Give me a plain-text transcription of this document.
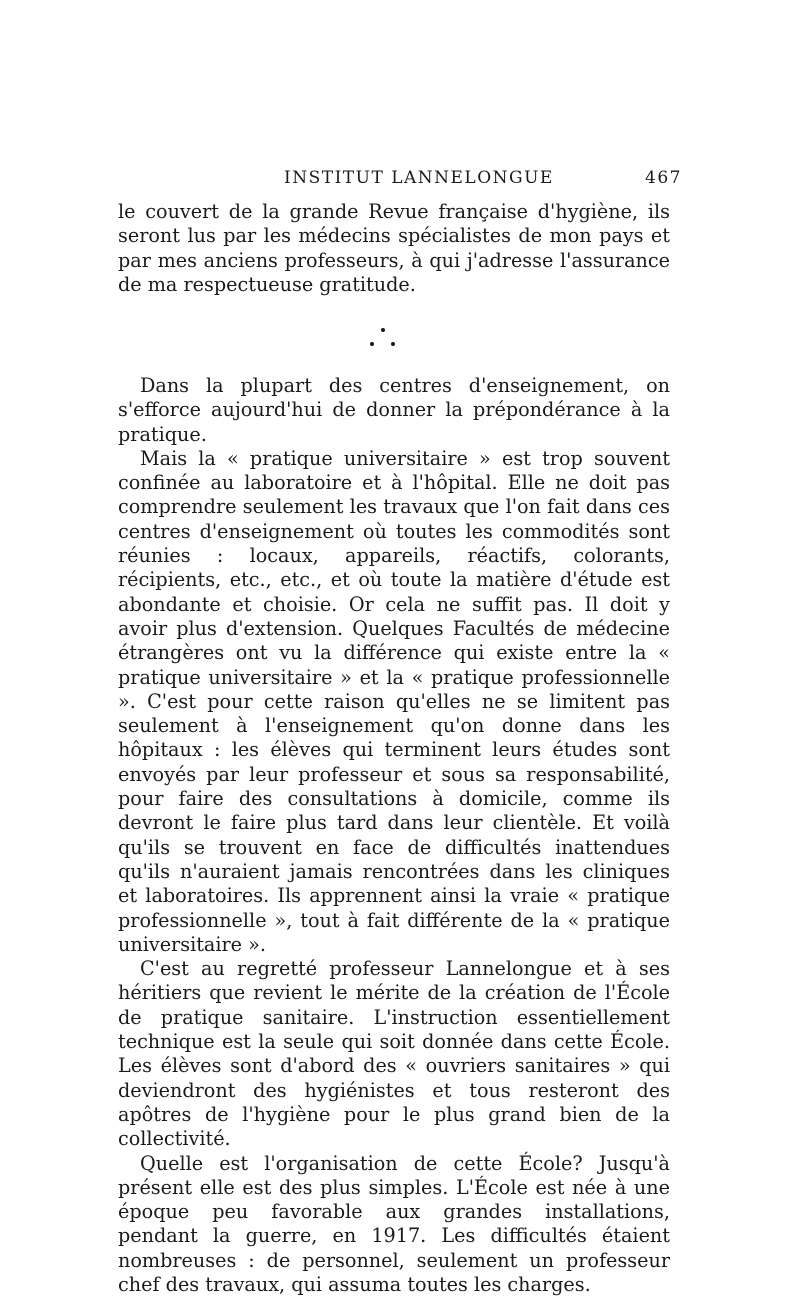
INSTITUT LANNELONGUE	467

le couvert de la grande Revue française d'hygiène, ils seront lus par les médecins spécialistes de mon pays et par mes anciens professeurs, à qui j'adresse l'assurance de ma respectueuse gratitude.

Dans la plupart des centres d'enseignement, on s'efforce aujourd'hui de donner la prépondérance à la pratique.

Mais la « pratique universitaire » est trop souvent confinée au laboratoire et à l'hôpital. Elle ne doit pas comprendre seulement les travaux que l'on fait dans ces centres d'enseignement où toutes les commodités sont réunies : locaux, appareils, réactifs, colorants, récipients, etc., etc., et où toute la matière d'étude est abondante et choisie. Or cela ne suffit pas. Il doit y avoir plus d'extension. Quelques Facultés de médecine étrangères ont vu la différence qui existe entre la « pratique universitaire » et la « pratique professionnelle ». C'est pour cette raison qu'elles ne se limitent pas seulement à l'enseignement qu'on donne dans les hôpitaux : les élèves qui terminent leurs études sont envoyés par leur professeur et sous sa responsabilité, pour faire des consultations à domicile, comme ils devront le faire plus tard dans leur clientèle. Et voilà qu'ils se trouvent en face de difficultés inattendues qu'ils n'auraient jamais rencontrées dans les cliniques et laboratoires. Ils apprennent ainsi la vraie « pratique professionnelle », tout à fait différente de la « pratique universitaire ».

C'est au regretté professeur Lannelongue et à ses héritiers que revient le mérite de la création de l'École de pratique sanitaire. L'instruction essentiellement technique est la seule qui soit donnée dans cette École. Les élèves sont d'abord des « ouvriers sanitaires » qui deviendront des hygiénistes et tous resteront des apôtres de l'hygiène pour le plus grand bien de la collectivité.

Quelle est l'organisation de cette École? Jusqu'à présent elle est des plus simples. L'École est née à une époque peu favorable aux grandes installations, pendant la guerre, en 1917. Les difficultés étaient nombreuses : de personnel, seulement un professeur chef des travaux, qui assuma toutes les charges.
